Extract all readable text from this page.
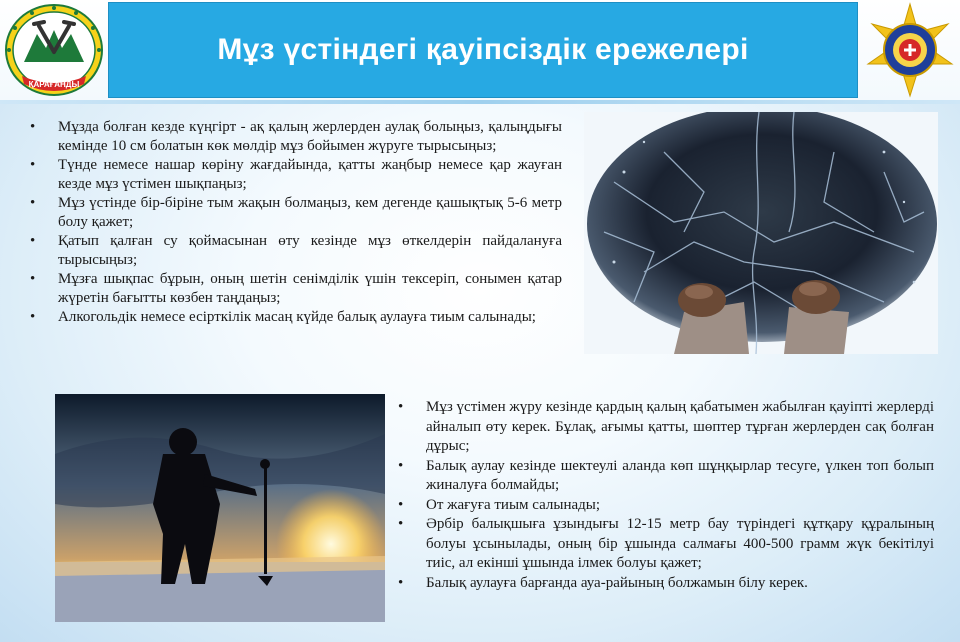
ҚАРАҒАНДЫ
Мұз үстіндегі қауіпсіздік ережелері
• Мұзда болған кезде күңгірт - ақ қалың жерлерден аулақ болыңыз, қалыңдығы кемінде 10 см болатын көк мөлдір мұз бойымен жүруге тырысыңыз;
• Түнде немесе нашар көріну жағдайында, қатты жаңбыр немесе қар жауған кезде мұз үстімен шықпаңыз;
• Мұз үстінде бір-біріне тым жақын болмаңыз, кем дегенде қашықтық 5-6 метр болу қажет;
• Қатып қалған су қоймасынан өту кезінде мұз өткелдерін пайдалануға тырысыңыз;
• Мұзға шықпас бұрын, оның шетін сенімділік үшін тексеріп, сонымен қатар жүретін бағытты көзбен таңдаңыз;
• Алкогольдік немесе есірткілік масаң күйде балық аулауға тиым салынады;
• Мұз үстімен жүру кезінде қардың қалың қабатымен жабылған қауіпті жерлерді айналып өту керек. Бұлақ, ағымы қатты, шөптер тұрған жерлерден сақ болған дұрыс;
• Балық аулау кезінде шектеулі аланда көп шұңқырлар тесуге, үлкен топ болып жиналуға болмайды;
• От жағуға тиым салынады;
• Әрбір балықшыға ұзындығы 12-15 метр бау түріндегі құтқару құралының болуы ұсынылады, оның бір ұшында салмағы 400-500 грамм жүк бекітілуі тиіс, ал екінші ұшында ілмек болуы қажет;
• Балық аулауға барғанда ауа-райының болжамын білу керек.
